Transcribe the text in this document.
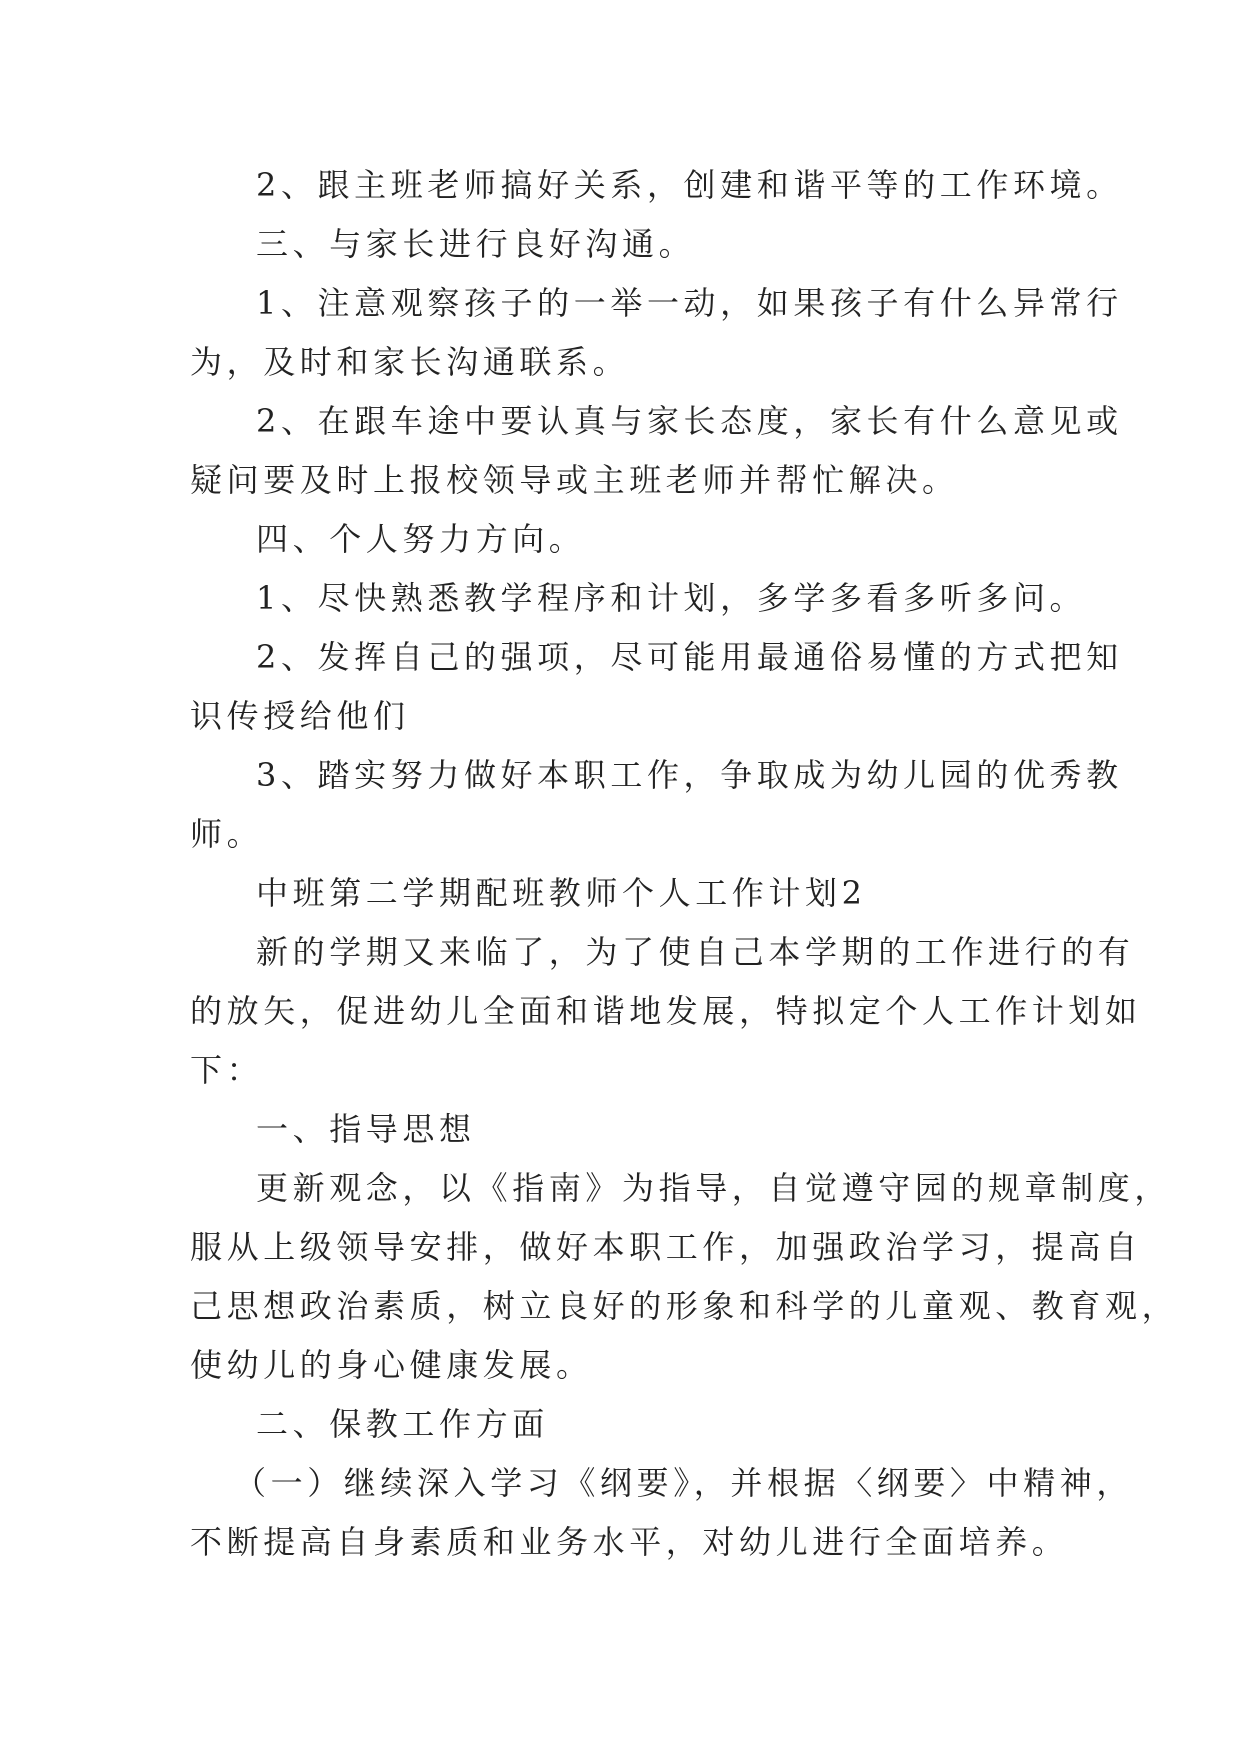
2、跟主班老师搞好关系，创建和谐平等的工作环境。
三、与家长进行良好沟通。
1、注意观察孩子的一举一动，如果孩子有什么异常行
为，及时和家长沟通联系。
2、在跟车途中要认真与家长态度，家长有什么意见或
疑问要及时上报校领导或主班老师并帮忙解决。
四、个人努力方向。
1、尽快熟悉教学程序和计划，多学多看多听多问。
2、发挥自己的强项，尽可能用最通俗易懂的方式把知
识传授给他们
3、踏实努力做好本职工作，争取成为幼儿园的优秀教
师。
中班第二学期配班教师个人工作计划2
新的学期又来临了，为了使自己本学期的工作进行的有
的放矢，促进幼儿全面和谐地发展，特拟定个人工作计划如
下：
一、指导思想
更新观念，以《指南》为指导，自觉遵守园的规章制度，
服从上级领导安排，做好本职工作，加强政治学习，提高自
己思想政治素质，树立良好的形象和科学的儿童观、教育观，
使幼儿的身心健康发展。
二、保教工作方面
（一）继续深入学习《纲要》，并根据〈纲要〉中精神，
不断提高自身素质和业务水平，对幼儿进行全面培养。
